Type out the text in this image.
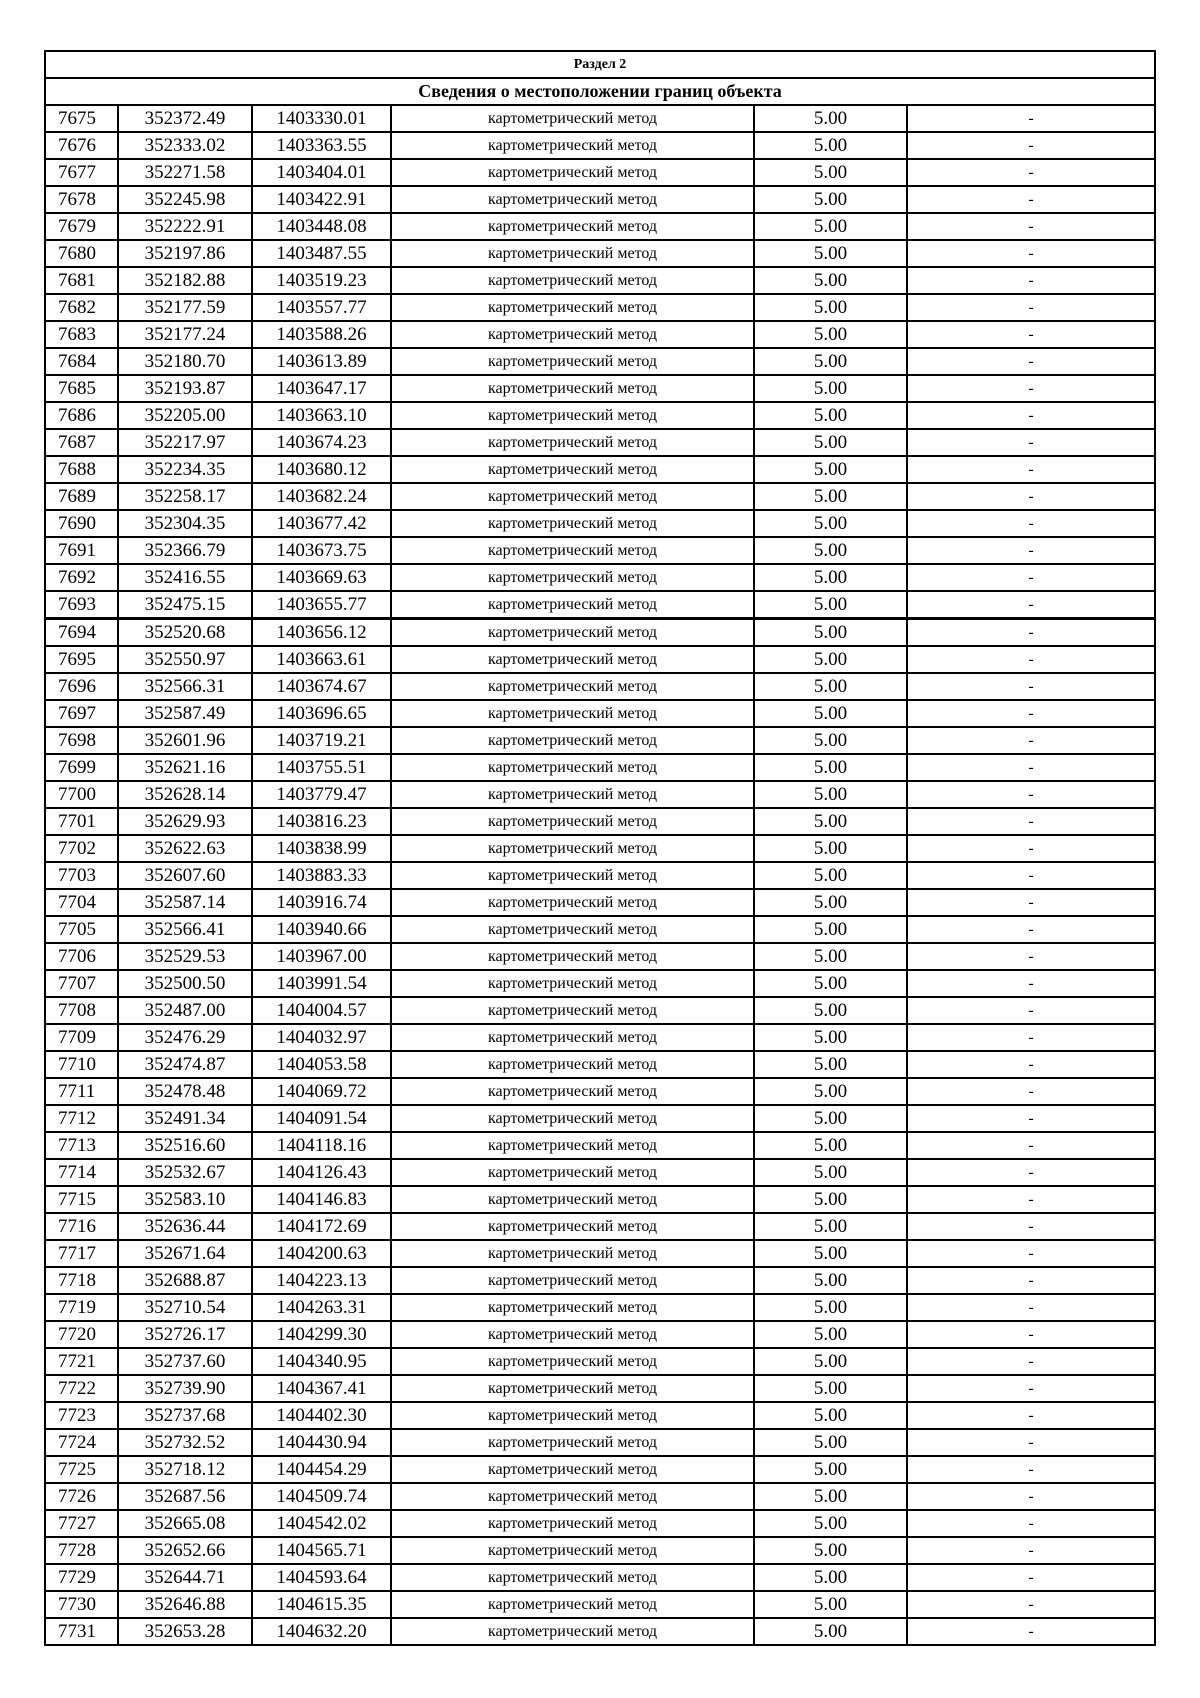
Раздел 2					
Сведения о местоположении границ объекта					
7675	352372.49	1403330.01	картометрический метод	5.00	-
7676	352333.02	1403363.55	картометрический метод	5.00	-
7677	352271.58	1403404.01	картометрический метод	5.00	-
7678	352245.98	1403422.91	картометрический метод	5.00	-
7679	352222.91	1403448.08	картометрический метод	5.00	-
7680	352197.86	1403487.55	картометрический метод	5.00	-
7681	352182.88	1403519.23	картометрический метод	5.00	-
7682	352177.59	1403557.77	картометрический метод	5.00	-
7683	352177.24	1403588.26	картометрический метод	5.00	-
7684	352180.70	1403613.89	картометрический метод	5.00	-
7685	352193.87	1403647.17	картометрический метод	5.00	-
7686	352205.00	1403663.10	картометрический метод	5.00	-
7687	352217.97	1403674.23	картометрический метод	5.00	-
7688	352234.35	1403680.12	картометрический метод	5.00	-
7689	352258.17	1403682.24	картометрический метод	5.00	-
7690	352304.35	1403677.42	картометрический метод	5.00	-
7691	352366.79	1403673.75	картометрический метод	5.00	-
7692	352416.55	1403669.63	картометрический метод	5.00	-
7693	352475.15	1403655.77	картометрический метод	5.00	-
7694	352520.68	1403656.12	картометрический метод	5.00	-
7695	352550.97	1403663.61	картометрический метод	5.00	-
7696	352566.31	1403674.67	картометрический метод	5.00	-
7697	352587.49	1403696.65	картометрический метод	5.00	-
7698	352601.96	1403719.21	картометрический метод	5.00	-
7699	352621.16	1403755.51	картометрический метод	5.00	-
7700	352628.14	1403779.47	картометрический метод	5.00	-
7701	352629.93	1403816.23	картометрический метод	5.00	-
7702	352622.63	1403838.99	картометрический метод	5.00	-
7703	352607.60	1403883.33	картометрический метод	5.00	-
7704	352587.14	1403916.74	картометрический метод	5.00	-
7705	352566.41	1403940.66	картометрический метод	5.00	-
7706	352529.53	1403967.00	картометрический метод	5.00	-
7707	352500.50	1403991.54	картометрический метод	5.00	-
7708	352487.00	1404004.57	картометрический метод	5.00	-
7709	352476.29	1404032.97	картометрический метод	5.00	-
7710	352474.87	1404053.58	картометрический метод	5.00	-
7711	352478.48	1404069.72	картометрический метод	5.00	-
7712	352491.34	1404091.54	картометрический метод	5.00	-
7713	352516.60	1404118.16	картометрический метод	5.00	-
7714	352532.67	1404126.43	картометрический метод	5.00	-
7715	352583.10	1404146.83	картометрический метод	5.00	-
7716	352636.44	1404172.69	картометрический метод	5.00	-
7717	352671.64	1404200.63	картометрический метод	5.00	-
7718	352688.87	1404223.13	картометрический метод	5.00	-
7719	352710.54	1404263.31	картометрический метод	5.00	-
7720	352726.17	1404299.30	картометрический метод	5.00	-
7721	352737.60	1404340.95	картометрический метод	5.00	-
7722	352739.90	1404367.41	картометрический метод	5.00	-
7723	352737.68	1404402.30	картометрический метод	5.00	-
7724	352732.52	1404430.94	картометрический метод	5.00	-
7725	352718.12	1404454.29	картометрический метод	5.00	-
7726	352687.56	1404509.74	картометрический метод	5.00	-
7727	352665.08	1404542.02	картометрический метод	5.00	-
7728	352652.66	1404565.71	картометрический метод	5.00	-
7729	352644.71	1404593.64	картометрический метод	5.00	-
7730	352646.88	1404615.35	картометрический метод	5.00	-
7731	352653.28	1404632.20	картометрический метод	5.00	-
